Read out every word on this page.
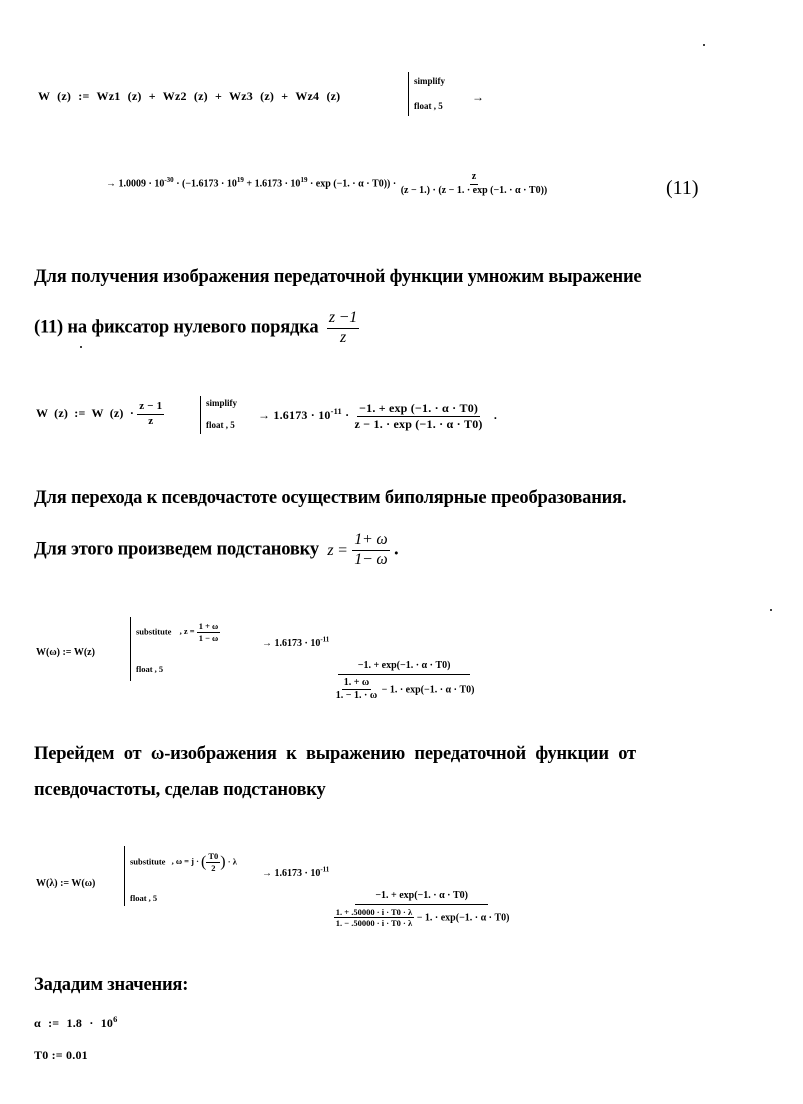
W (z) := Wz1 (z) + Wz2 (z) + Wz3 (z) + Wz4 (z)
simplify
float , 5
→
→ $1.0009 \cdot 10^{-30} \cdot (-1.6173 \cdot 10^{19} + 1.6173 \cdot 10^{19} \cdot \exp (-1$. · $\alpha \cdot T0)) \cdot \frac{z}{(z - 1.) \cdot (z - 1. \cdot \exp (-1. \cdot \alpha \cdot T0))}$	(11)
Для получения изображения передаточной функции умножим выражение
(11) на фиксатор нулевого порядка $\frac{z -1}{z}$
W (z) := W $(z) \cdot \frac{z - 1}{z}$	simplify
float , 5
→ $1.6173 \cdot 10^{-11} \cdot \frac{-1. + \exp (-1. \cdot \alpha \cdot T0)}{z - 1. \cdot \exp (-1. \cdot \alpha \cdot T0)}$ .
Для перехода к псевдочастоте осуществим биполярные преобразования.
Для этого произведем подстановку $z = \frac{1+ \omega}{1- \omega}$ .
W(ω) := W(z)
substitute , $z = \frac{1 + \omega}{1 - \omega}$
float , 5
→ $1.6173 \cdot 10^{-11}$
−1. + exp(−1. · α · T0)
$\frac{1. + \omega}{1. - 1. \cdot \omega} - 1$. · exp(−1. · α · T0)
Перейдем от ω-изображения к выражению передаточной функции от
псевдочастоты, сделав подстановку
W(λ) := W(ω)
substitute , ω = j · ( $\frac{T0}{2}$ ) · λ
float , 5
→ $1.6173 \cdot 10^{-11}$
−1. + exp(−1. · α · T0)
$\frac{1. + .50000 \cdot i \cdot T0 \cdot \lambda}{1. - .50000 \cdot i \cdot T0 \cdot \lambda} - 1$. · exp(−1. · α · T0)
Зададим значения:
α := $1.8 \cdot 10^6$
T0 := 0.01
